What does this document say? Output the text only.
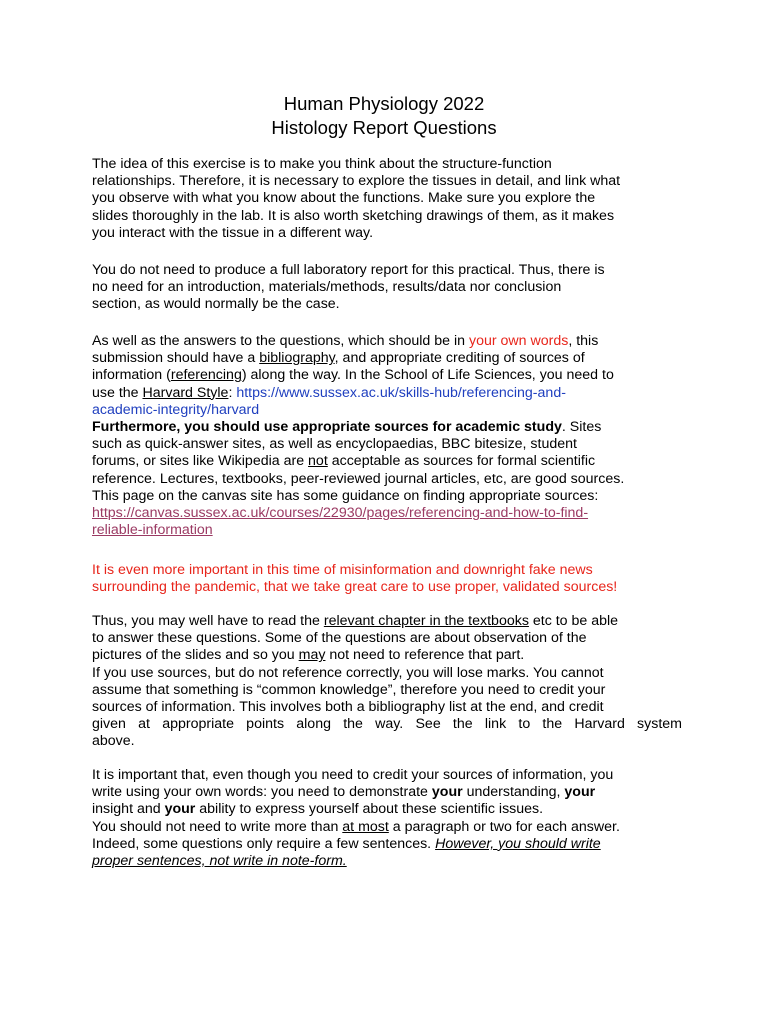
Human Physiology 2022
Histology Report Questions
The idea of this exercise is to make you think about the structure-function
relationships. Therefore, it is necessary to explore the tissues in detail, and link what
you observe with what you know about the functions. Make sure you explore the
slides thoroughly in the lab. It is also worth sketching drawings of them, as it makes
you interact with the tissue in a different way.
You do not need to produce a full laboratory report for this practical. Thus, there is
no need for an introduction, materials/methods, results/data nor conclusion
section, as would normally be the case.
As well as the answers to the questions, which should be in your own words, this
submission should have a bibliography, and appropriate crediting of sources of
information (referencing) along the way. In the School of Life Sciences, you need to
use the Harvard Style: https://www.sussex.ac.uk/skills-hub/referencing-and-
academic-integrity/harvard
Furthermore, you should use appropriate sources for academic study. Sites
such as quick-answer sites, as well as encyclopaedias, BBC bitesize, student
forums, or sites like Wikipedia are not acceptable as sources for formal scientific
reference. Lectures, textbooks, peer-reviewed journal articles, etc, are good sources.
This page on the canvas site has some guidance on finding appropriate sources:
https://canvas.sussex.ac.uk/courses/22930/pages/referencing-and-how-to-find-
reliable-information
It is even more important in this time of misinformation and downright fake news
surrounding the pandemic, that we take great care to use proper, validated sources!
Thus, you may well have to read the relevant chapter in the textbooks etc to be able
to answer these questions. Some of the questions are about observation of the
pictures of the slides and so you may not need to reference that part.
If you use sources, but do not reference correctly, you will lose marks. You cannot
assume that something is “common knowledge”, therefore you need to credit your
sources of information. This involves both a bibliography list at the end, and credit
given at appropriate points along the way. See the link to the Harvard system
above.
It is important that, even though you need to credit your sources of information, you
write using your own words: you need to demonstrate your understanding, your
insight and your ability to express yourself about these scientific issues.
You should not need to write more than at most a paragraph or two for each answer.
Indeed, some questions only require a few sentences. However, you should write
proper sentences, not write in note-form.
